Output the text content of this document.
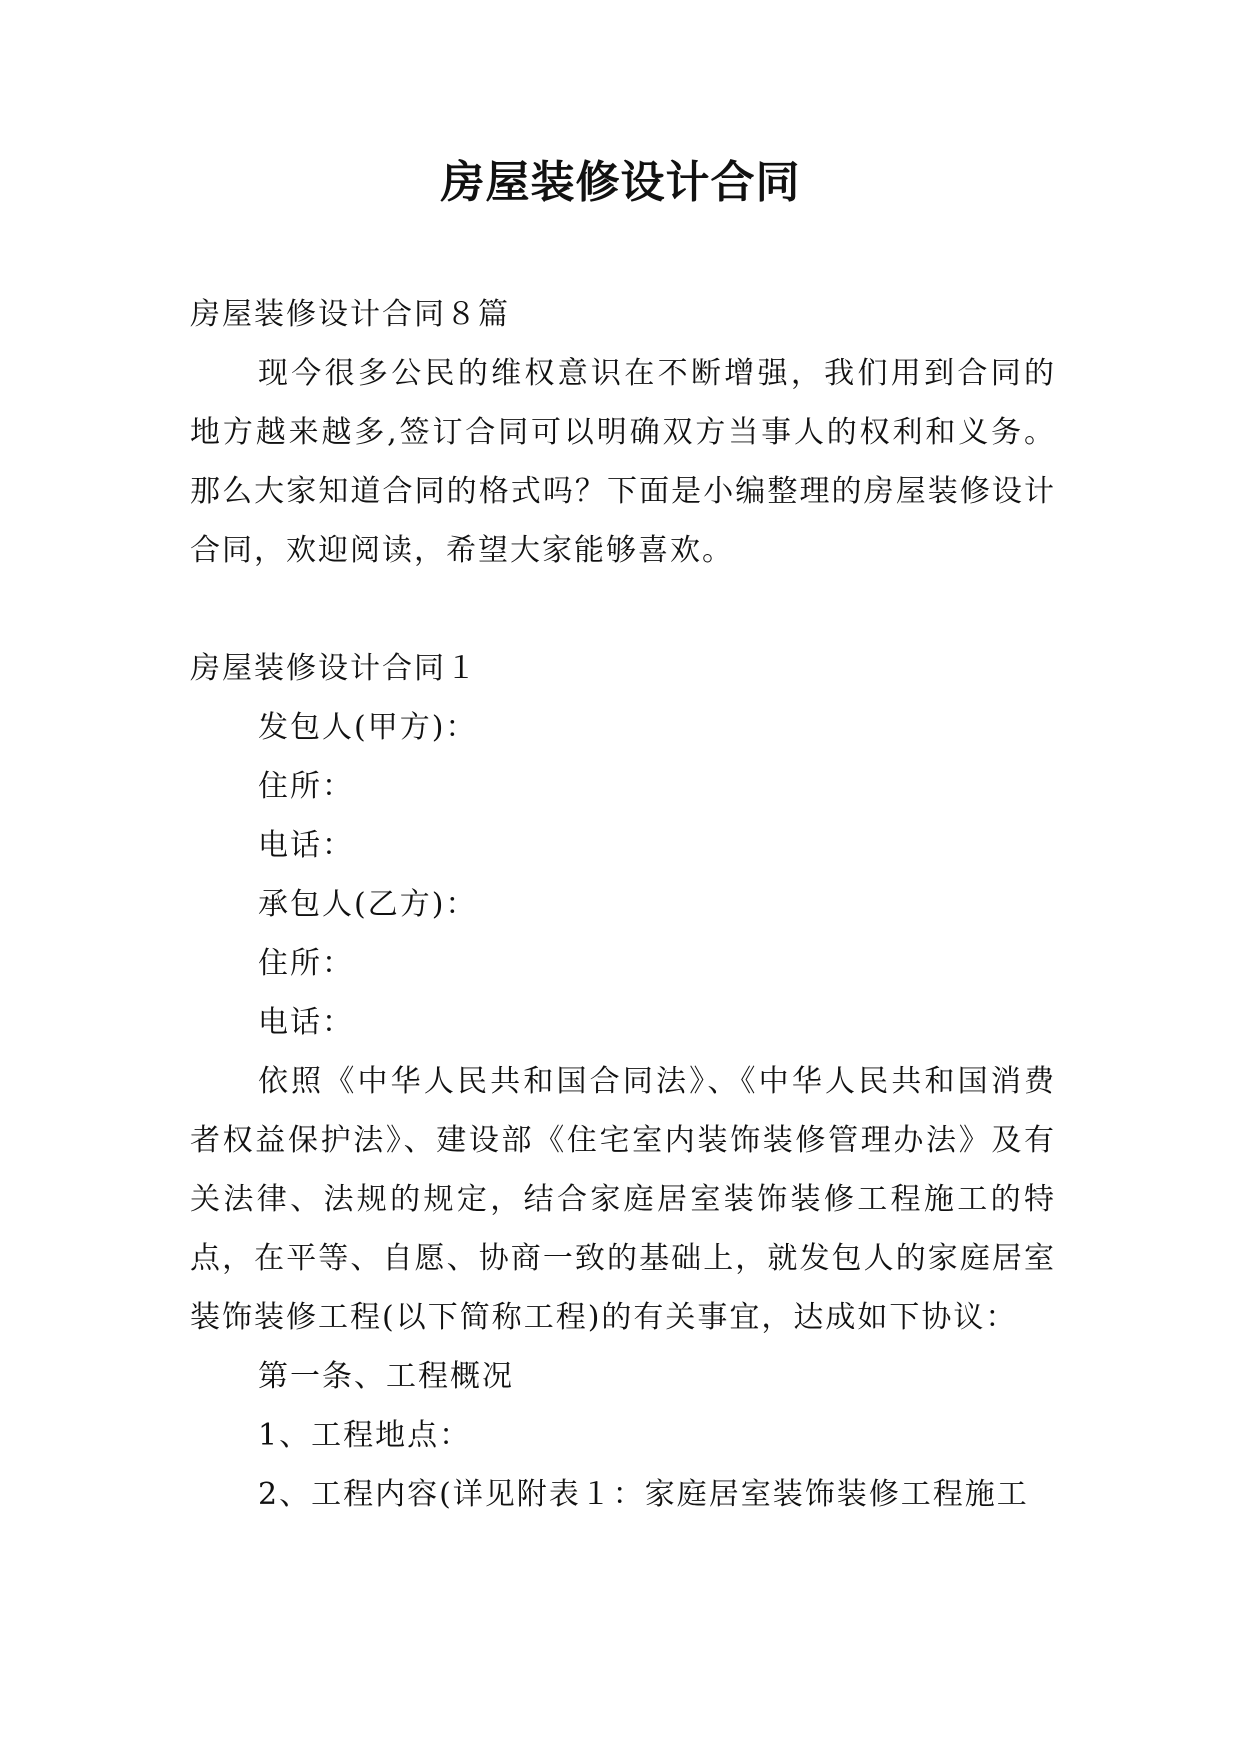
房屋装修设计合同

房屋装修设计合同８篇

现今很多公民的维权意识在不断增强，我们用到合同的地方越来越多,签订合同可以明确双方当事人的权利和义务。那么大家知道合同的格式吗？下面是小编整理的房屋装修设计合同，欢迎阅读，希望大家能够喜欢。

房屋装修设计合同１

发包人(甲方)：

住所：

电话：

承包人(乙方)：

住所：

电话：

依照《中华人民共和国合同法》、《中华人民共和国消费者权益保护法》、建设部《住宅室内装饰装修管理办法》及有关法律、法规的规定，结合家庭居室装饰装修工程施工的特点，在平等、自愿、协商一致的基础上，就发包人的家庭居室装饰装修工程(以下简称工程)的有关事宜，达成如下协议：

第一条、工程概况

1、工程地点：

2、工程内容(详见附表１：家庭居室装饰装修工程施工
